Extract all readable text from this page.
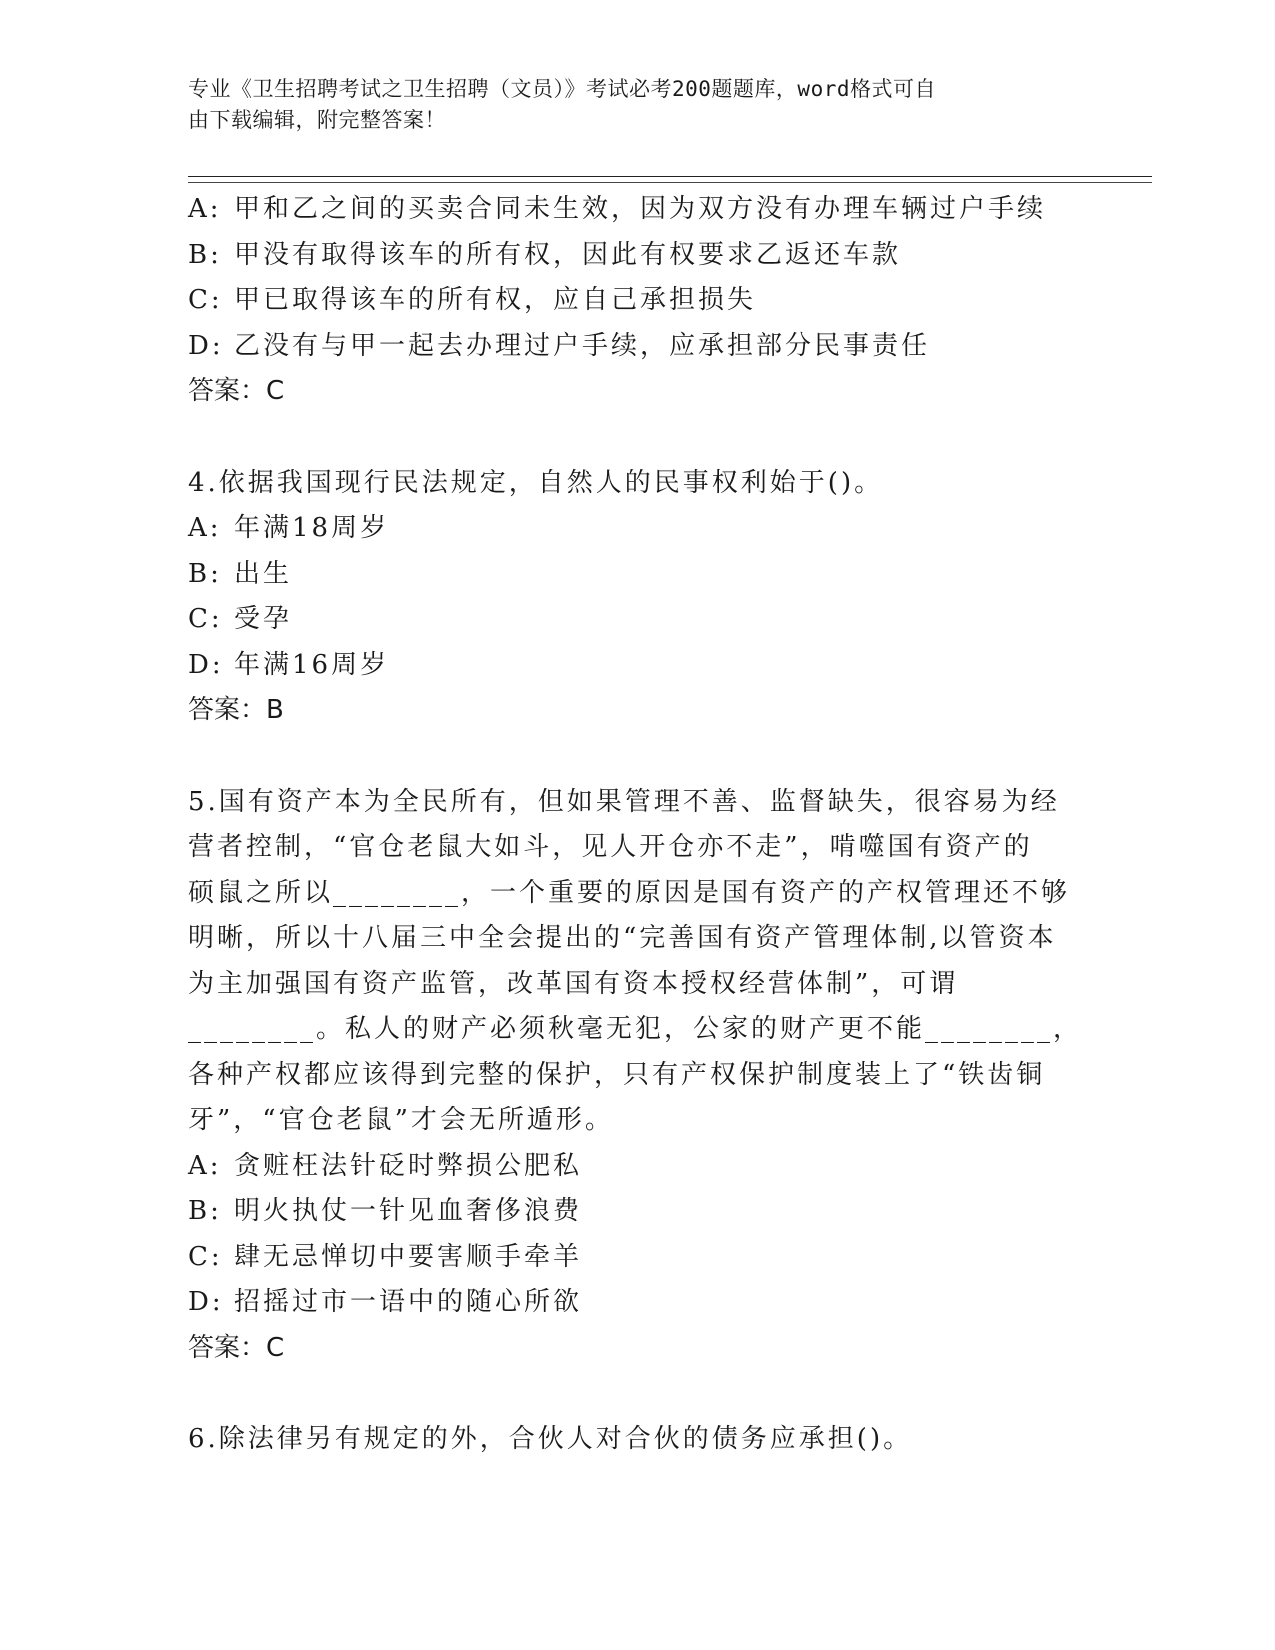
专业《卫生招聘考试之卫生招聘（文员）》考试必考200题题库，word格式可自
由下载编辑，附完整答案！
A: 甲和乙之间的买卖合同未生效，因为双方没有办理车辆过户手续
B: 甲没有取得该车的所有权，因此有权要求乙返还车款
C: 甲已取得该车的所有权，应自己承担损失
D: 乙没有与甲一起去办理过户手续，应承担部分民事责任
答案：C
4.依据我国现行民法规定，自然人的民事权利始于()。
A: 年满18周岁
B: 出生
C: 受孕
D: 年满16周岁
答案：B
5.国有资产本为全民所有，但如果管理不善、监督缺失，很容易为经
营者控制，“官仓老鼠大如斗，见人开仓亦不走”，啃噬国有资产的
硕鼠之所以________，一个重要的原因是国有资产的产权管理还不够
明晰，所以十八届三中全会提出的“完善国有资产管理体制,以管资本
为主加强国有资产监管，改革国有资本授权经营体制”，可谓
________。私人的财产必须秋毫无犯，公家的财产更不能________，
各种产权都应该得到完整的保护，只有产权保护制度装上了“铁齿铜
牙”，“官仓老鼠”才会无所遁形。
A: 贪赃枉法针砭时弊损公肥私
B: 明火执仗一针见血奢侈浪费
C: 肆无忌惮切中要害顺手牵羊
D: 招摇过市一语中的随心所欲
答案：C
6.除法律另有规定的外，合伙人对合伙的债务应承担()。
